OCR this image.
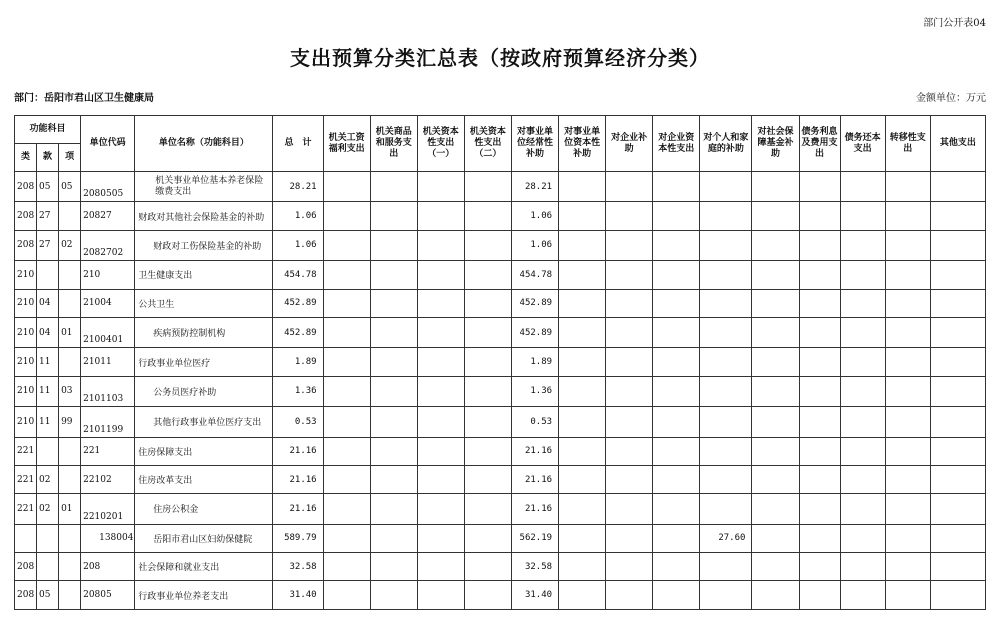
部门公开表04
支出预算分类汇总表（按政府预算经济分类）
部门：岳阳市君山区卫生健康局	金额单位：万元
功能科目			单位代码	单位名称（功能科目）	总　计	机关工资福利支出	机关商品和服务支出	机关资本性支出（一）	机关资本性支出（二）	对事业单位经常性补助	对事业单位资本性补助	对企业补助	对企业资本性支出	对个人和家庭的补助	对社会保障基金补助	债务利息及费用支出	债务还本支出	转移性支出	其他支出
类	款	项																	
208	05	05	2080505	机关事业单位基本养老保险缴费支出	28.21					28.21									
208	27		20827	财政对其他社会保险基金的补助	1.06					1.06									
208	27	02	2082702	财政对工伤保险基金的补助	1.06					1.06									
210			210	卫生健康支出	454.78					454.78									
210	04		21004	公共卫生	452.89					452.89									
210	04	01	2100401	疾病预防控制机构	452.89					452.89									
210	11		21011	行政事业单位医疗	1.89					1.89									
210	11	03	2101103	公务员医疗补助	1.36					1.36									
210	11	99	2101199	其他行政事业单位医疗支出	0.53					0.53									
221			221	住房保障支出	21.16					21.16									
221	02		22102	住房改革支出	21.16					21.16									
221	02	01	2210201	住房公积金	21.16					21.16									
			138004	岳阳市君山区妇幼保健院	589.79					562.19				27.60					
208			208	社会保障和就业支出	32.58					32.58									
208	05		20805	行政事业单位养老支出	31.40					31.40									
